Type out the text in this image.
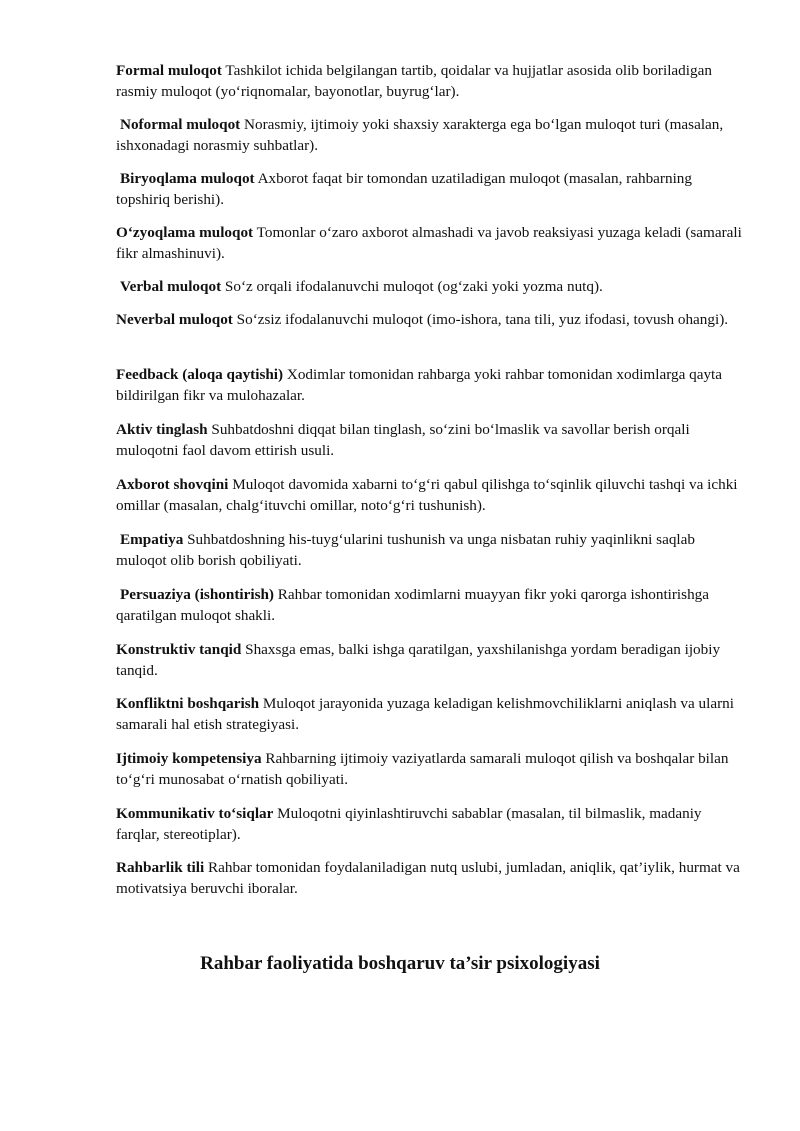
Formal muloqot Tashkilot ichida belgilangan tartib, qoidalar va hujjatlar asosida olib boriladigan rasmiy muloqot (yo‘riqnomalar, bayonotlar, buyrug‘lar).

Noformal muloqot Norasmiy, ijtimoiy yoki shaxsiy xarakterga ega bo‘lgan muloqot turi (masalan, ishxonadagi norasmiy suhbatlar).

Biryoqlama muloqot Axborot faqat bir tomondan uzatiladigan muloqot (masalan, rahbarning topshiriq berishi).

O‘zyoqlama muloqot Tomonlar o‘zaro axborot almashadi va javob reaksiyasi yuzaga keladi (samarali fikr almashinuvi).

Verbal muloqot So‘z orqali ifodalanuvchi muloqot (og‘zaki yoki yozma nutq).

Neverbal muloqot So‘zsiz ifodalanuvchi muloqot (imo-ishora, tana tili, yuz ifodasi, tovush ohangi).

Feedback (aloqa qaytishi) Xodimlar tomonidan rahbarga yoki rahbar tomonidan xodimlarga qayta bildirilgan fikr va mulohazalar.

Aktiv tinglash Suhbatdoshni diqqat bilan tinglash, so‘zini bo‘lmaslik va savollar berish orqali muloqotni faol davom ettirish usuli.

Axborot shovqini Muloqot davomida xabarni to‘g‘ri qabul qilishga to‘sqinlik qiluvchi tashqi va ichki omillar (masalan, chalg‘ituvchi omillar, noto‘g‘ri tushunish).

Empatiya Suhbatdoshning his-tuyg‘ularini tushunish va unga nisbatan ruhiy yaqinlikni saqlab muloqot olib borish qobiliyati.

Persuaziya (ishontirish) Rahbar tomonidan xodimlarni muayyan fikr yoki qarorga ishontirishga qaratilgan muloqot shakli.

Konstruktiv tanqid Shaxsga emas, balki ishga qaratilgan, yaxshilanishga yordam beradigan ijobiy tanqid.

Konfliktni boshqarish Muloqot jarayonida yuzaga keladigan kelishmovchiliklarni aniqlash va ularni samarali hal etish strategiyasi.

Ijtimoiy kompetensiya Rahbarning ijtimoiy vaziyatlarda samarali muloqot qilish va boshqalar bilan to‘g‘ri munosabat o‘rnatish qobiliyati.

Kommunikativ to‘siqlar Muloqotni qiyinlashtiruvchi sabablar (masalan, til bilmaslik, madaniy farqlar, stereotiplar).

Rahbarlik tili Rahbar tomonidan foydalaniladigan nutq uslubi, jumladan, aniqlik, qat’iylik, hurmat va motivatsiya beruvchi iboralar.

Rahbar faoliyatida boshqaruv ta’sir psixologiyasi
